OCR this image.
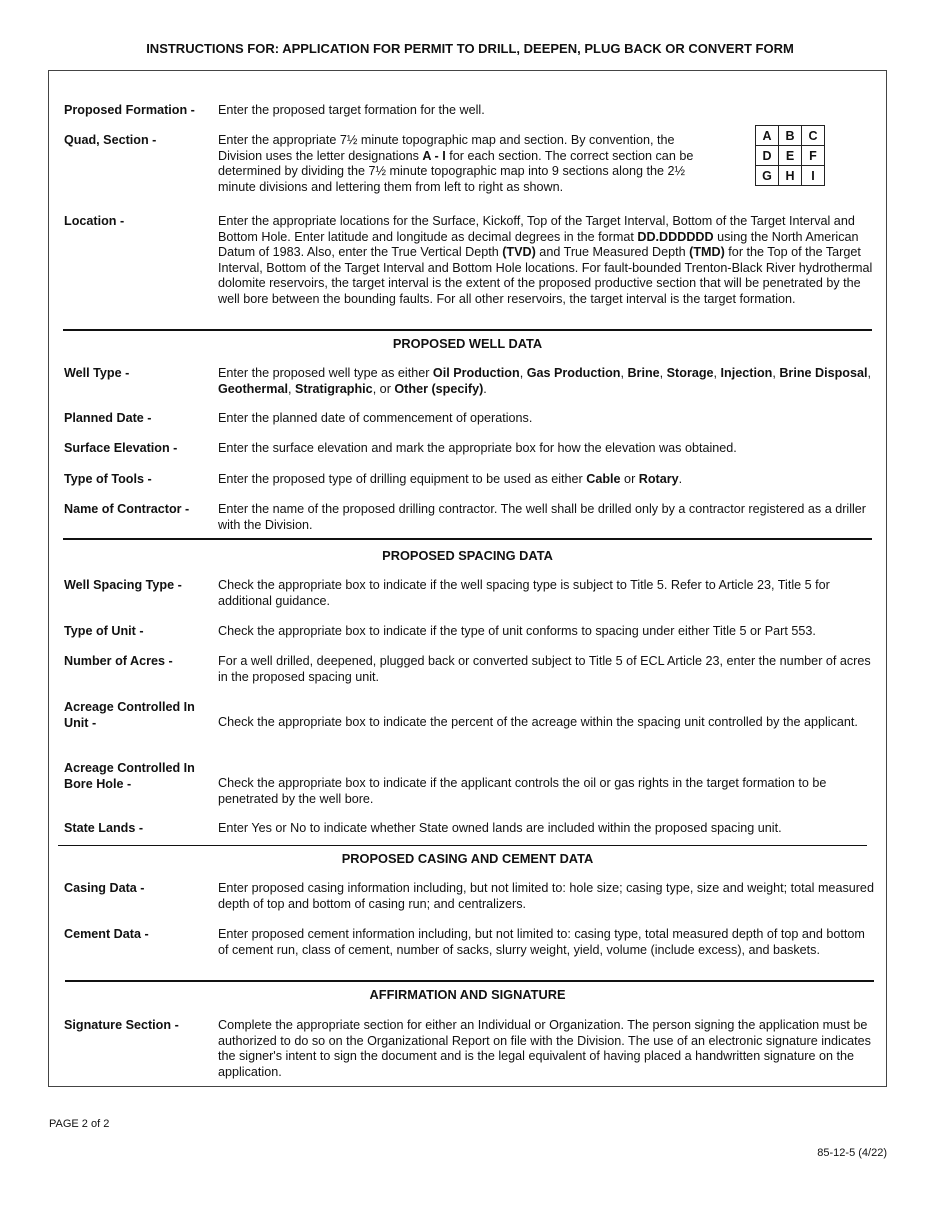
INSTRUCTIONS FOR: APPLICATION FOR PERMIT TO DRILL, DEEPEN, PLUG BACK OR CONVERT FORM
A	B	C
D	E	F
G	H	I
Proposed Formation -	Enter the proposed target formation for the well.
Quad, Section -	Enter the appropriate 7½ minute topographic map and section. By convention, the Division uses the letter designations A - I for each section. The correct section can be determined by dividing the 7½ minute topographic map into 9 sections along the 2½ minute divisions and lettering them from left to right as shown.
Location -	Enter the appropriate locations for the Surface, Kickoff, Top of the Target Interval, Bottom of the Target Interval and Bottom Hole. Enter latitude and longitude as decimal degrees in the format DD.DDDDDD using the North American Datum of 1983. Also, enter the True Vertical Depth (TVD) and True Measured Depth (TMD) for the Top of the Target Interval, Bottom of the Target Interval and Bottom Hole locations. For fault-bounded Trenton-Black River hydrothermal dolomite reservoirs, the target interval is the extent of the proposed productive section that will be penetrated by the well bore between the bounding faults. For all other reservoirs, the target interval is the target formation.
PROPOSED WELL DATA
Well Type -	Enter the proposed well type as either Oil Production, Gas Production, Brine, Storage, Injection, Brine Disposal, Geothermal, Stratigraphic, or Other (specify).
Planned Date -	Enter the planned date of commencement of operations.
Surface Elevation -	Enter the surface elevation and mark the appropriate box for how the elevation was obtained.
Type of Tools -	Enter the proposed type of drilling equipment to be used as either Cable or Rotary.
Name of Contractor -	Enter the name of the proposed drilling contractor. The well shall be drilled only by a contractor registered as a driller with the Division.
PROPOSED SPACING DATA
Well Spacing Type -	Check the appropriate box to indicate if the well spacing type is subject to Title 5. Refer to Article 23, Title 5 for additional guidance.
Type of Unit -	Check the appropriate box to indicate if the type of unit conforms to spacing under either Title 5 or Part 553.
Number of Acres -	For a well drilled, deepened, plugged back or converted subject to Title 5 of ECL Article 23, enter the number of acres in the proposed spacing unit.
Acreage Controlled In Unit -	Check the appropriate box to indicate the percent of the acreage within the spacing unit controlled by the applicant.
Acreage Controlled In Bore Hole -	Check the appropriate box to indicate if the applicant controls the oil or gas rights in the target formation to be penetrated by the well bore.
State Lands -	Enter Yes or No to indicate whether State owned lands are included within the proposed spacing unit.
PROPOSED CASING AND CEMENT DATA
Casing Data -	Enter proposed casing information including, but not limited to: hole size; casing type, size and weight; total measured depth of top and bottom of casing run; and centralizers.
Cement Data -	Enter proposed cement information including, but not limited to: casing type, total measured depth of top and bottom of cement run, class of cement, number of sacks, slurry weight, yield, volume (include excess), and baskets.
AFFIRMATION AND SIGNATURE
Signature Section -	Complete the appropriate section for either an Individual or Organization. The person signing the application must be authorized to do so on the Organizational Report on file with the Division. The use of an electronic signature indicates the signer's intent to sign the document and is the legal equivalent of having placed a handwritten signature on the application.
PAGE 2 of 2
85-12-5 (4/22)
